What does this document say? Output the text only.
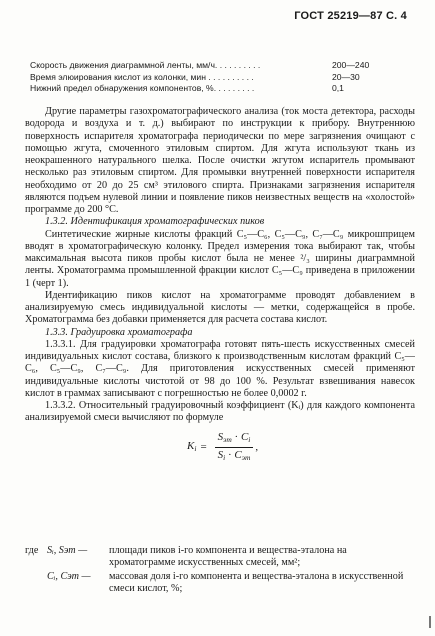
ГОСТ 25219—87 С. 4
Скорость движения диаграммной ленты, мм/ч. . . . . . . . . .	200—240
Время элюирования кислот из колонки, мин . . . . . . . . . .	20—30
Нижний предел обнаружения компонентов, %. . . . . . . . .	0,1

Другие параметры газохроматографического анализа (ток моста детектора, расходы водорода и воздуха и т. д.) выбирают по инструкции к прибору. Внутреннюю поверхность испарителя хроматографа периодически по мере загрязнения очищают с помощью жгута, смоченного этиловым спиртом. Для жгута используют ткань из неокрашенного натурального шелка. После очистки жгутом испаритель промывают несколько раз этиловым спиртом. Для промывки внутренней поверхности испарителя необходимо от 20 до 25 см³ этилового спирта. Признаками загрязнения испарителя являются подъем нулевой линии и появление пиков неизвестных веществ на «холостой» программе до 200 °С.

1.3.2. Идентификация хроматографических пиков

Синтетические жирные кислоты фракций С₅—С₆, С₅—С₉, С₇—С₉ микрошприцем вводят в хроматографическую колонку. Предел измерения тока выбирают так, чтобы максимальная высота пиков пробы кислот была не менее ²/₃ ширины диаграммной ленты. Хроматограмма промышленной фракции кислот С₅—С₉ приведена в приложении 1 (черт 1).

Идентификацию пиков кислот на хроматограмме проводят добавлением в анализируемую смесь индивидуальной кислоты — метки, содержащейся в пробе. Хроматограмма без добавки применяется для расчета состава кислот.

1.3.3. Градуировка хроматографа

1.3.3.1. Для градуировки хроматографа готовят пять-шесть искусственных смесей индивидуальных кислот состава, близкого к производственным кислотам фракций С₅—С₆, С₅—С₉, С₇—С₉. Для приготовления искусственных смесей применяют индивидуальные кислоты чистотой от 98 до 100 %. Результат взвешивания навесок кислот в граммах записывают с погрешностью не более 0,0002 г.

1.3.3.2. Относительный градуировочный коэффициент (Kᵢ) для каждого компонента анализируемой смеси вычисляют по формуле

$K_i = \frac{S_{эт} \cdot C_i}{S_i \cdot C_{эт}}$ ,
где Sᵢ, Sэт —	площади пиков i-го компонента и вещества-эталона на хроматограмме искусственных смесей, мм²;
Cᵢ, Cэт —	массовая доля i-го компонента и вещества-эталона в искусственной смеси кислот, %;
